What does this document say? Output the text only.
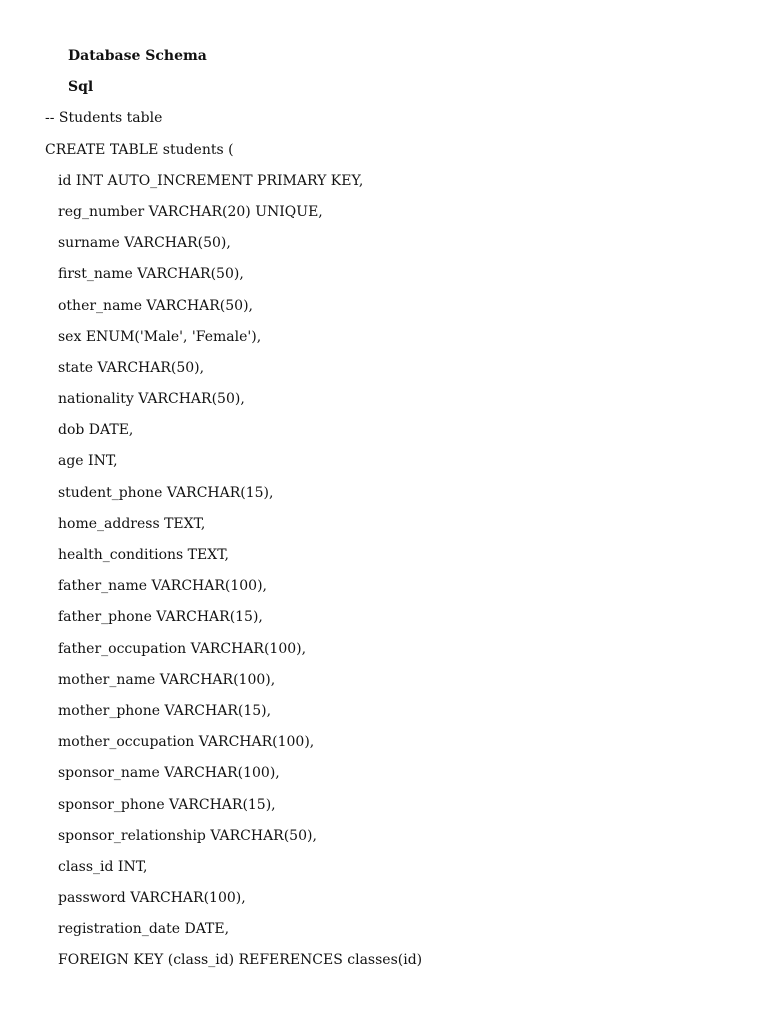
Database Schema

Sql

-- Students table

CREATE TABLE students (

id INT AUTO_INCREMENT PRIMARY KEY,

reg_number VARCHAR(20) UNIQUE,

surname VARCHAR(50),

first_name VARCHAR(50),

other_name VARCHAR(50),

sex ENUM('Male', 'Female'),

state VARCHAR(50),

nationality VARCHAR(50),

dob DATE,

age INT,

student_phone VARCHAR(15),

home_address TEXT,

health_conditions TEXT,

father_name VARCHAR(100),

father_phone VARCHAR(15),

father_occupation VARCHAR(100),

mother_name VARCHAR(100),

mother_phone VARCHAR(15),

mother_occupation VARCHAR(100),

sponsor_name VARCHAR(100),

sponsor_phone VARCHAR(15),

sponsor_relationship VARCHAR(50),

class_id INT,

password VARCHAR(100),

registration_date DATE,

FOREIGN KEY (class_id) REFERENCES classes(id)
